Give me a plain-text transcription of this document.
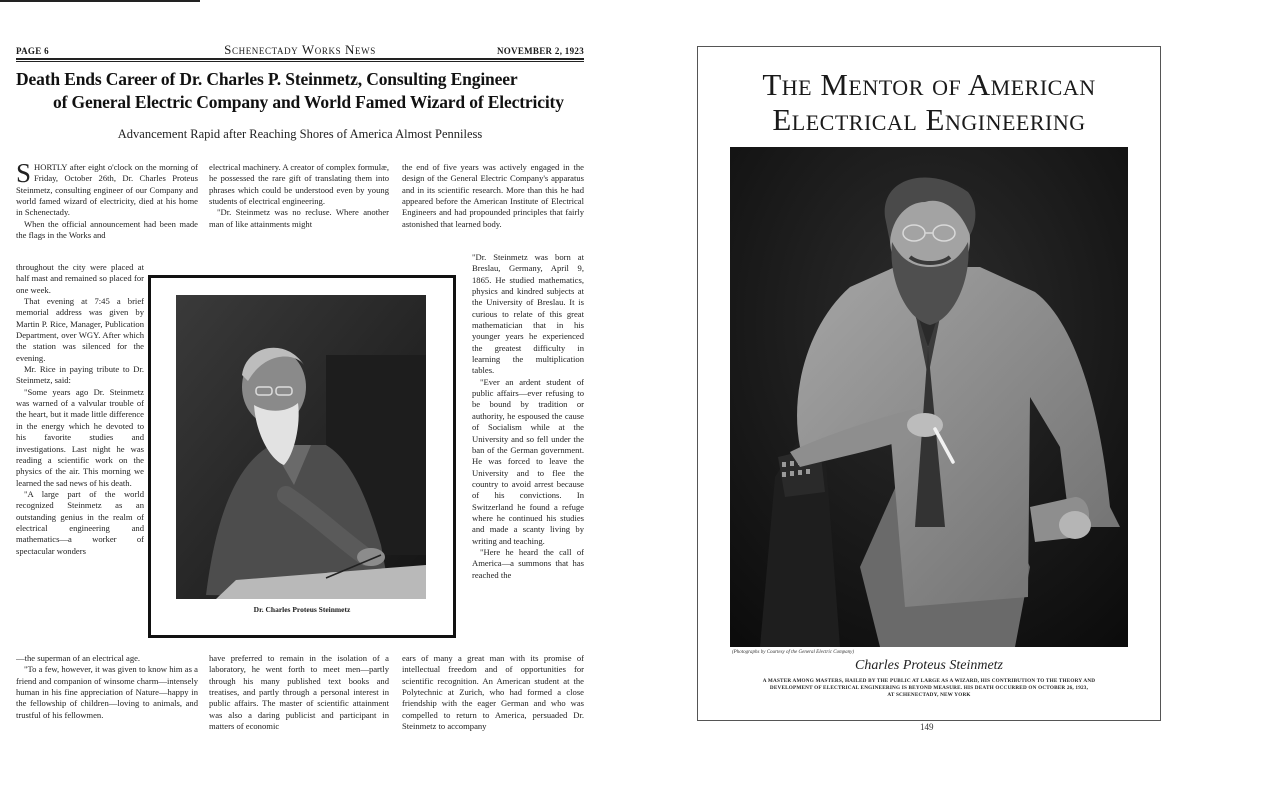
PAGE 6	Schenectady Works News	NOVEMBER 2, 1923
Death Ends Career of Dr. Charles P. Steinmetz, Consulting Engineer
of General Electric Company and World Famed Wizard of Electricity
Advancement Rapid after Reaching Shores of America Almost Penniless

SHORTLY after eight o'clock on the morning of Friday, October 26th, Dr. Charles Proteus Steinmetz, consulting engineer of our Company and world famed wizard of electricity, died at his home in Schenectady.

When the official announcement had been made the flags in the Works and

electrical machinery. A creator of complex formulæ, he possessed the rare gift of translating them into phrases which could be understood even by young students of electrical engineering.

"Dr. Steinmetz was no recluse. Where another man of like attainments might

the end of five years was actively engaged in the design of the General Electric Company's apparatus and in its scientific research. More than this he had appeared before the American Institute of Electrical Engineers and had propounded principles that fairly astonished that learned body.

throughout the city were placed at half mast and remained so placed for one week.

That evening at 7:45 a brief memorial address was given by Martin P. Rice, Manager, Publication Department, over WGY. After which the station was silenced for the evening.

Mr. Rice in paying tribute to Dr. Steinmetz, said:

"Some years ago Dr. Steinmetz was warned of a valvular trouble of the heart, but it made little difference in the energy which he devoted to his favorite studies and investigations. Last night he was reading a scientific work on the physics of the air. This morning we learned the sad news of his death.

"A large part of the world recognized Steinmetz as an outstanding genius in the realm of electrical engineering and mathematics—a worker of spectacular wonders

Dr. Charles Proteus Steinmetz

"Dr. Steinmetz was born at Breslau, Germany, April 9, 1865. He studied mathematics, physics and kindred subjects at the University of Breslau. It is curious to relate of this great mathematician that in his younger years he experienced the greatest difficulty in learning the multiplication tables.

"Ever an ardent student of public affairs—ever refusing to be bound by tradition or authority, he espoused the cause of Socialism while at the University and so fell under the ban of the German government. He was forced to leave the University and to flee the country to avoid arrest because of his convictions. In Switzerland he found a refuge where he continued his studies and made a scanty living by writing and teaching.

"Here he heard the call of America—a summons that has reached the

—the superman of an electrical age.

"To a few, however, it was given to know him as a friend and companion of winsome charm—intensely human in his fine appreciation of Nature—happy in the fellowship of children—loving to animals, and trustful of his fellowmen.

have preferred to remain in the isolation of a laboratory, he went forth to meet men—partly through his many published text books and treatises, and partly through a personal interest in public affairs. The master of scientific attainment was also a daring publicist and participant in matters of economic

ears of many a great man with its promise of intellectual freedom and of opportunities for scientific recognition. An American student at the Polytechnic at Zurich, who had formed a close friendship with the eager German and who was compelled to return to America, persuaded Dr. Steinmetz to accompany

The Mentor of American
Electrical Engineering
(Photographs by Courtesy of the General Electric Company)
Charles Proteus Steinmetz
A MASTER AMONG MASTERS, HAILED BY THE PUBLIC AT LARGE AS A WIZARD, HIS CONTRIBUTION TO THE THEORY AND
DEVELOPMENT OF ELECTRICAL ENGINEERING IS BEYOND MEASURE. HIS DEATH OCCURRED ON OCTOBER 26, 1923,
AT SCHENECTADY, NEW YORK
149
